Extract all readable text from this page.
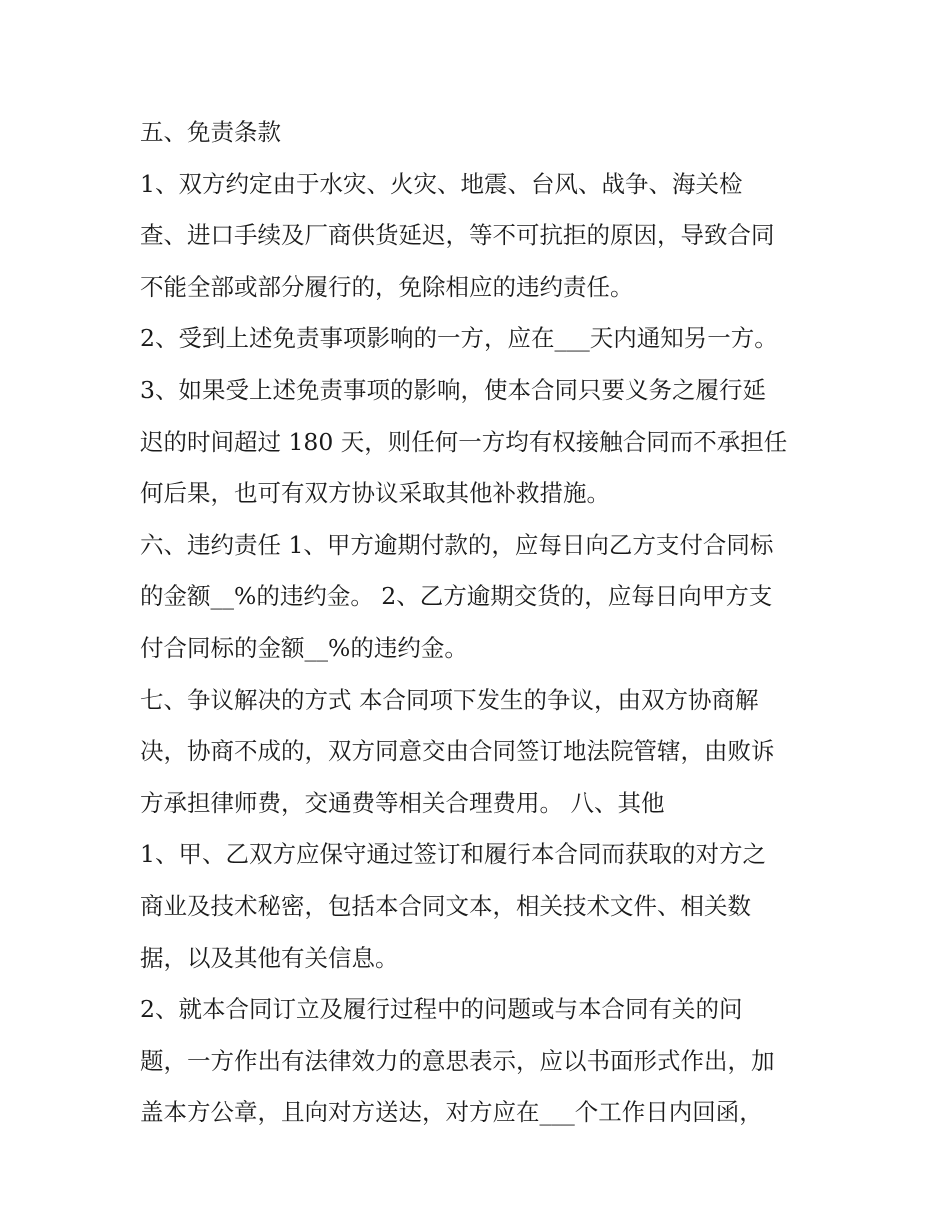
五、免责条款
1、双方约定由于水灾、火灾、地震、台风、战争、海关检
查、进口手续及厂商供货延迟，等不可抗拒的原因，导致合同
不能全部或部分履行的，免除相应的违约责任。
2、受到上述免责事项影响的一方，应在___天内通知另一方。
3、如果受上述免责事项的影响，使本合同只要义务之履行延
迟的时间超过 180 天，则任何一方均有权接触合同而不承担任
何后果，也可有双方协议采取其他补救措施。
六、违约责任 1、甲方逾期付款的，应每日向乙方支付合同标
的金额__%的违约金。 2、乙方逾期交货的，应每日向甲方支
付合同标的金额__%的违约金。
七、争议解决的方式 本合同项下发生的争议，由双方协商解
决，协商不成的，双方同意交由合同签订地法院管辖，由败诉
方承担律师费，交通费等相关合理费用。 八、其他
1、甲、乙双方应保守通过签订和履行本合同而获取的对方之
商业及技术秘密，包括本合同文本，相关技术文件、相关数
据，以及其他有关信息。
2、就本合同订立及履行过程中的问题或与本合同有关的问
题，一方作出有法律效力的意思表示，应以书面形式作出，加
盖本方公章，且向对方送达，对方应在___个工作日内回函，
